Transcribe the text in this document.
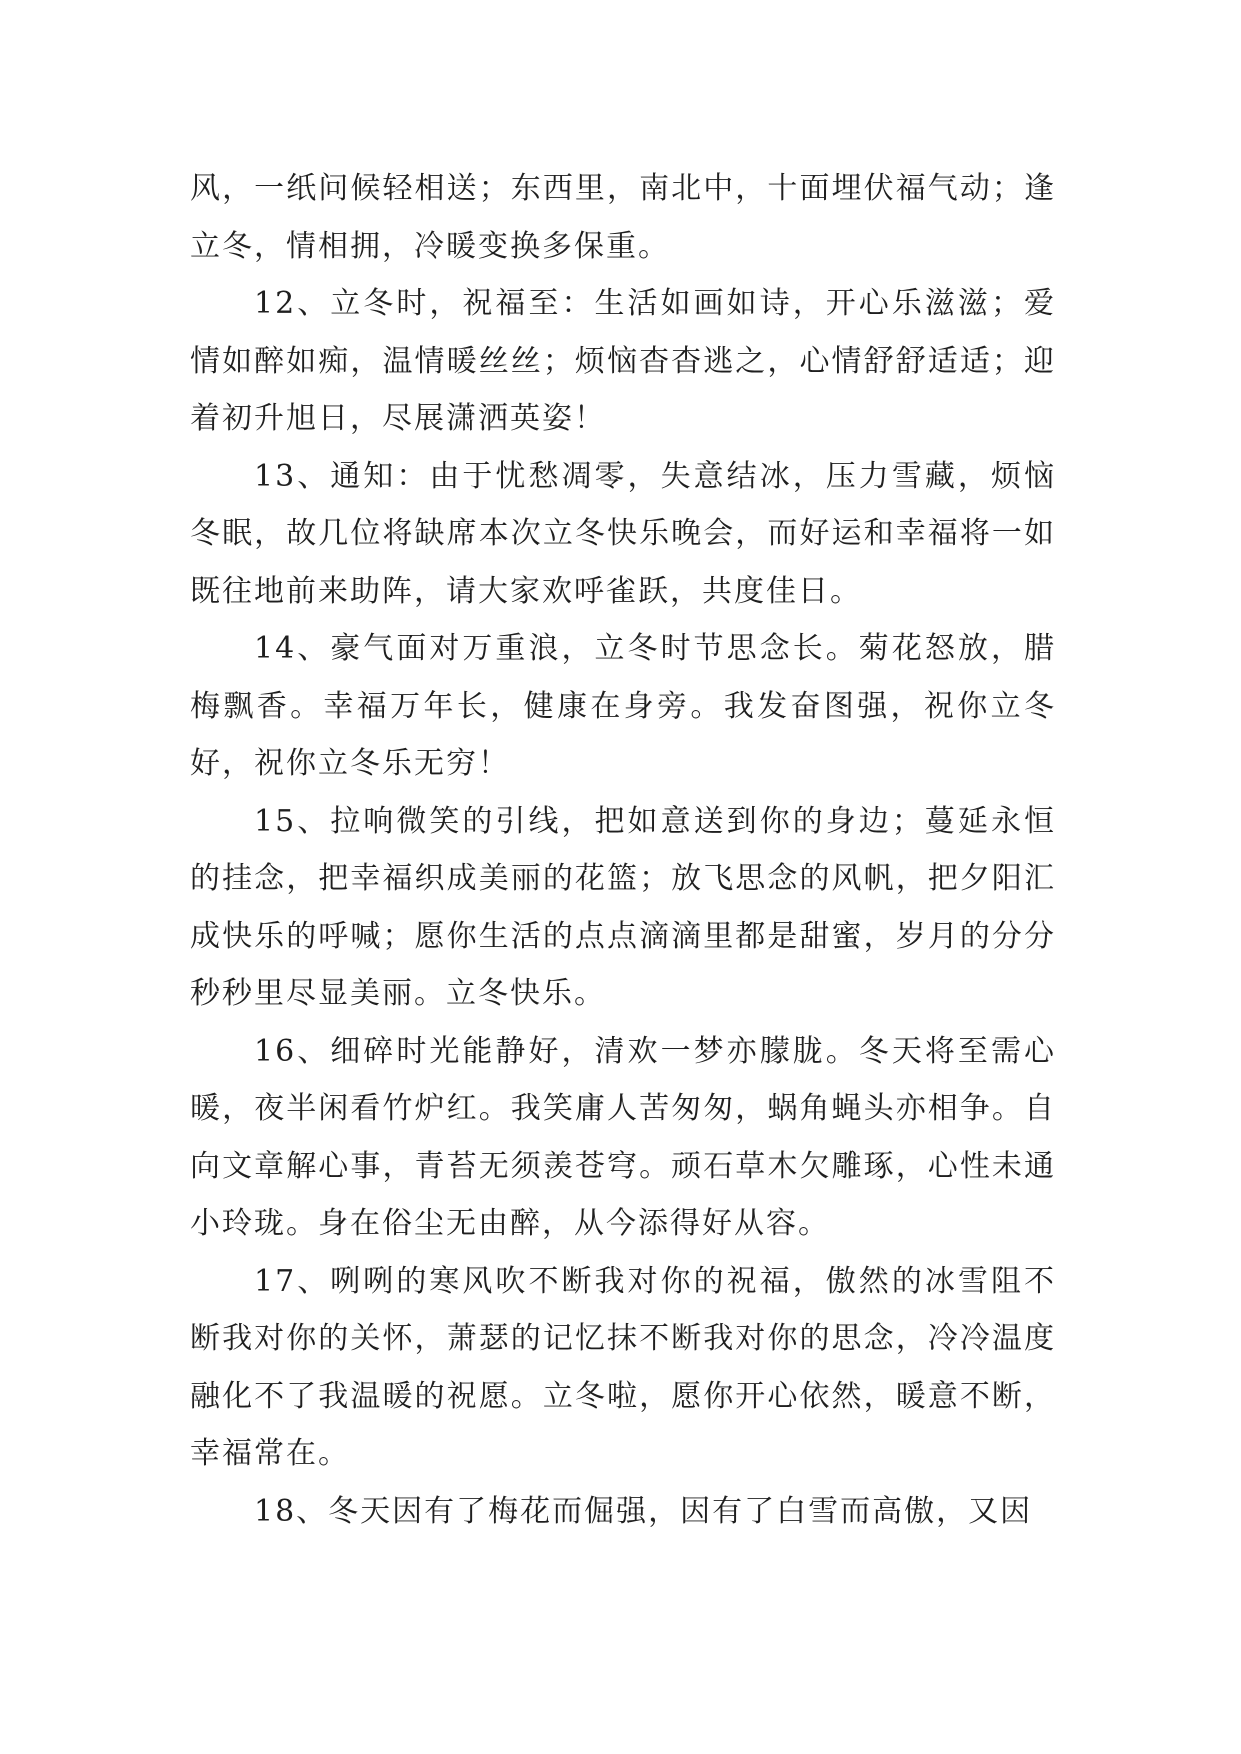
风，一纸问候轻相送；东西里，南北中，十面埋伏福气动；逢立冬，情相拥，冷暖变换多保重。

12、立冬时，祝福至：生活如画如诗，开心乐滋滋；爱情如醉如痴，温情暖丝丝；烦恼杳杳逃之，心情舒舒适适；迎着初升旭日，尽展潇洒英姿！

13、通知：由于忧愁凋零，失意结冰，压力雪藏，烦恼冬眠，故几位将缺席本次立冬快乐晚会，而好运和幸福将一如既往地前来助阵，请大家欢呼雀跃，共度佳日。

14、豪气面对万重浪，立冬时节思念长。菊花怒放，腊梅飘香。幸福万年长，健康在身旁。我发奋图强，祝你立冬好，祝你立冬乐无穷！

15、拉响微笑的引线，把如意送到你的身边；蔓延永恒的挂念，把幸福织成美丽的花篮；放飞思念的风帆，把夕阳汇成快乐的呼喊；愿你生活的点点滴滴里都是甜蜜，岁月的分分秒秒里尽显美丽。立冬快乐。

16、细碎时光能静好，清欢一梦亦朦胧。冬天将至需心暖，夜半闲看竹炉红。我笑庸人苦匆匆，蜗角蝇头亦相争。自向文章解心事，青苔无须羡苍穹。顽石草木欠雕琢，心性未通小玲珑。身在俗尘无由醉，从今添得好从容。

17、咧咧的寒风吹不断我对你的祝福，傲然的冰雪阻不断我对你的关怀，萧瑟的记忆抹不断我对你的思念，冷冷温度融化不了我温暖的祝愿。立冬啦，愿你开心依然，暖意不断，幸福常在。

18、冬天因有了梅花而倔强，因有了白雪而高傲，又因
